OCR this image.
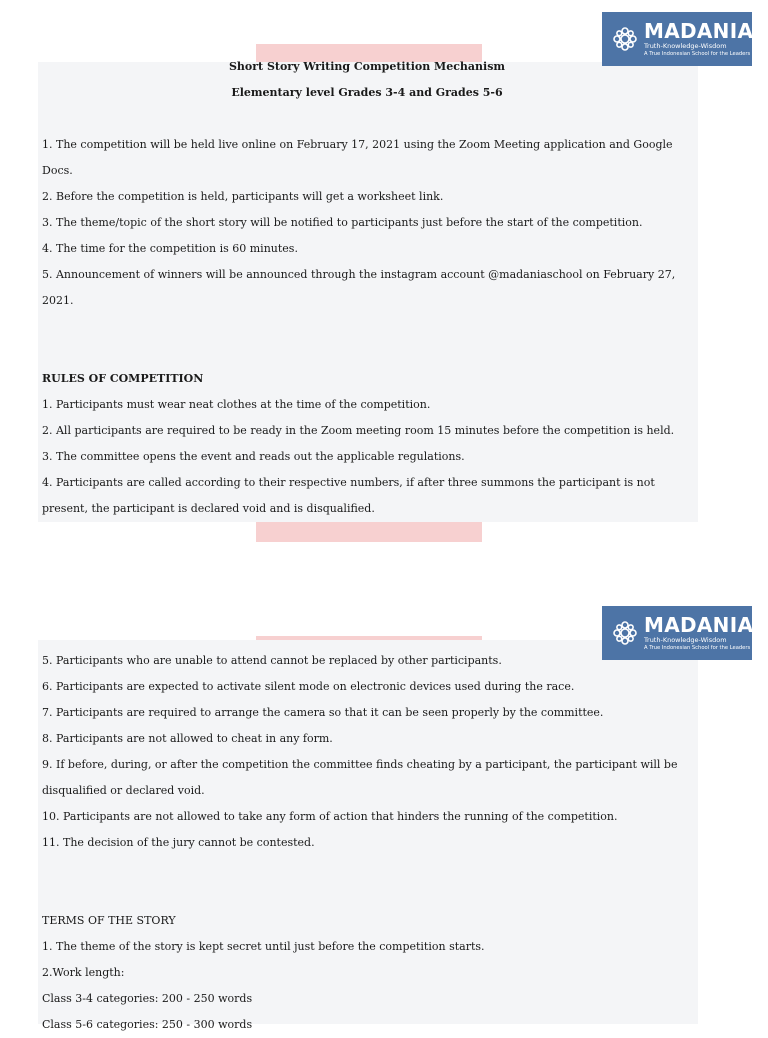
MADANIA
Truth-Knowledge-Wisdom
A True Indonesian School for the Leaders
Short Story Writing Competition Mechanism
Elementary level Grades 3-4 and Grades 5-6
1. The competition will be held live online on February 17, 2021 using the Zoom Meeting application and Google Docs.
2. Before the competition is held, participants will get a worksheet link.
3. The theme/topic of the short story will be notified to participants just before the start of the competition.
4. The time for the competition is 60 minutes.
5. Announcement of winners will be announced through the instagram account @madaniaschool on February 27, 2021.
RULES OF COMPETITION
1. Participants must wear neat clothes at the time of the competition.
2. All participants are required to be ready in the Zoom meeting room 15 minutes before the competition is held.
3. The committee opens the event and reads out the applicable regulations.
4. Participants are called according to their respective numbers, if after three summons the participant is not present, the participant is declared void and is disqualified.
MADANIA
Truth-Knowledge-Wisdom
A True Indonesian School for the Leaders
5. Participants who are unable to attend cannot be replaced by other participants.
6. Participants are expected to activate silent mode on electronic devices used during the race.
7. Participants are required to arrange the camera so that it can be seen properly by the committee.
8. Participants are not allowed to cheat in any form.
9. If before, during, or after the competition the committee finds cheating by a participant, the participant will be disqualified or declared void.
10. Participants are not allowed to take any form of action that hinders the running of the competition.
11. The decision of the jury cannot be contested.
TERMS OF THE STORY
1. The theme of the story is kept secret until just before the competition starts.
2.Work length:
Class 3-4 categories: 200 - 250 words
Class 5-6 categories: 250 - 300 words
